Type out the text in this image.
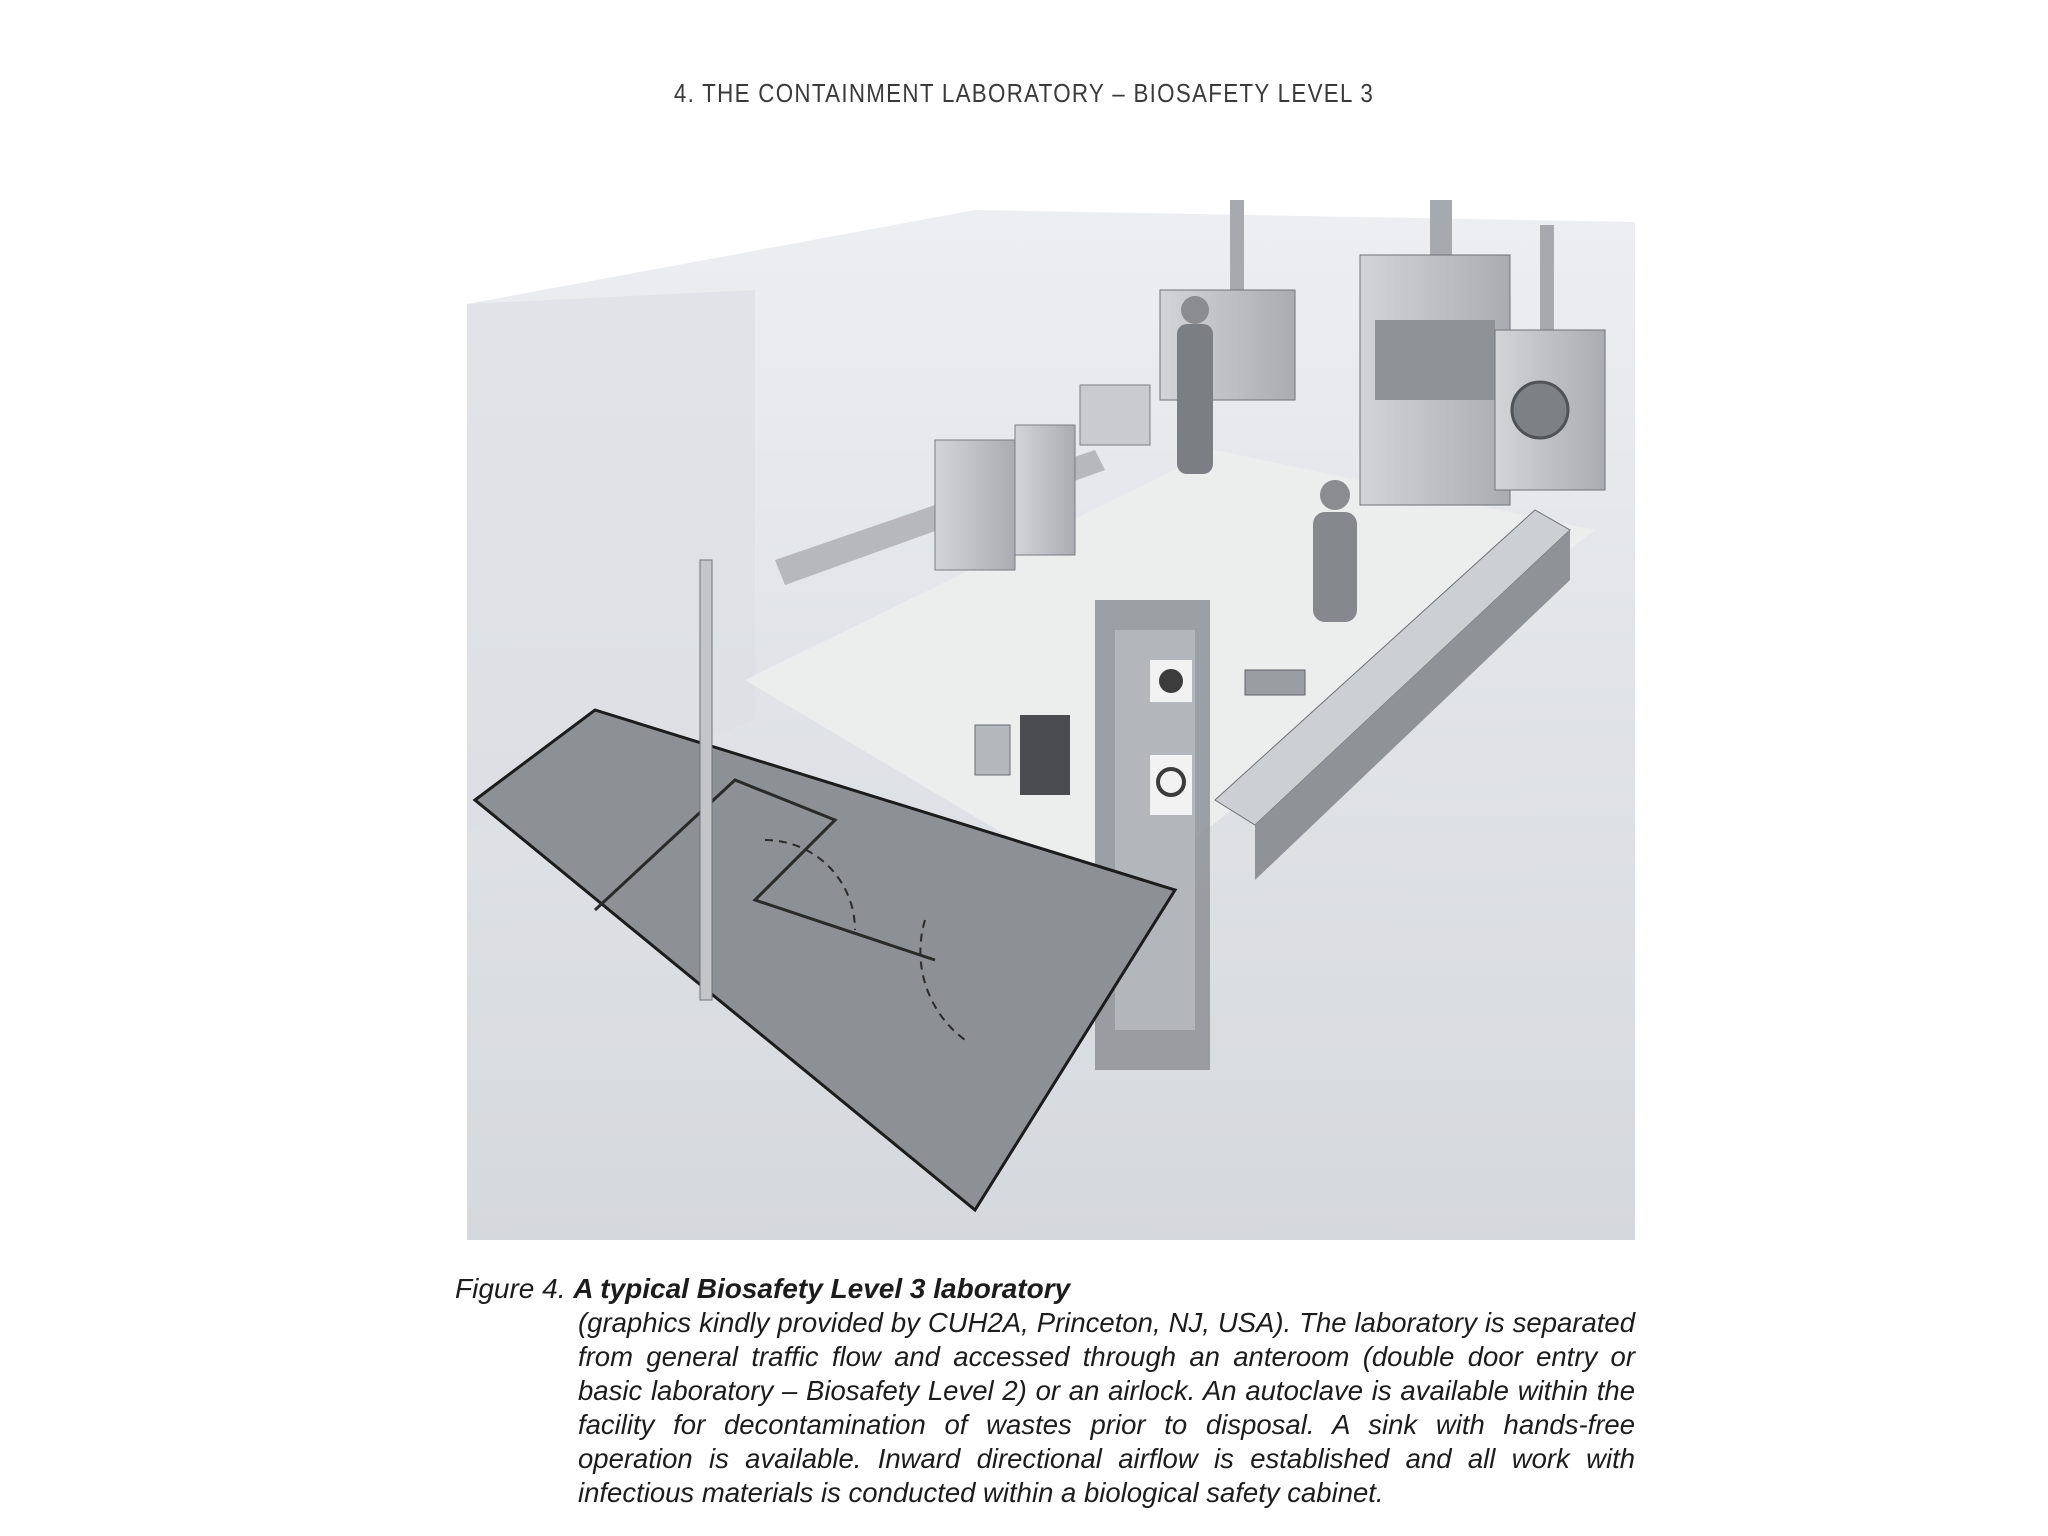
4. THE CONTAINMENT LABORATORY – BIOSAFETY LEVEL 3
Figure 4. A typical Biosafety Level 3 laboratory
(graphics kindly provided by CUH2A, Princeton, NJ, USA). The laboratory is separated from general traffic flow and accessed through an anteroom (double door entry or basic laboratory – Biosafety Level 2) or an airlock. An autoclave is available within the facility for decontamination of wastes prior to disposal. A sink with hands-free operation is available. Inward directional airflow is established and all work with infectious materials is conducted within a biological safety cabinet.
